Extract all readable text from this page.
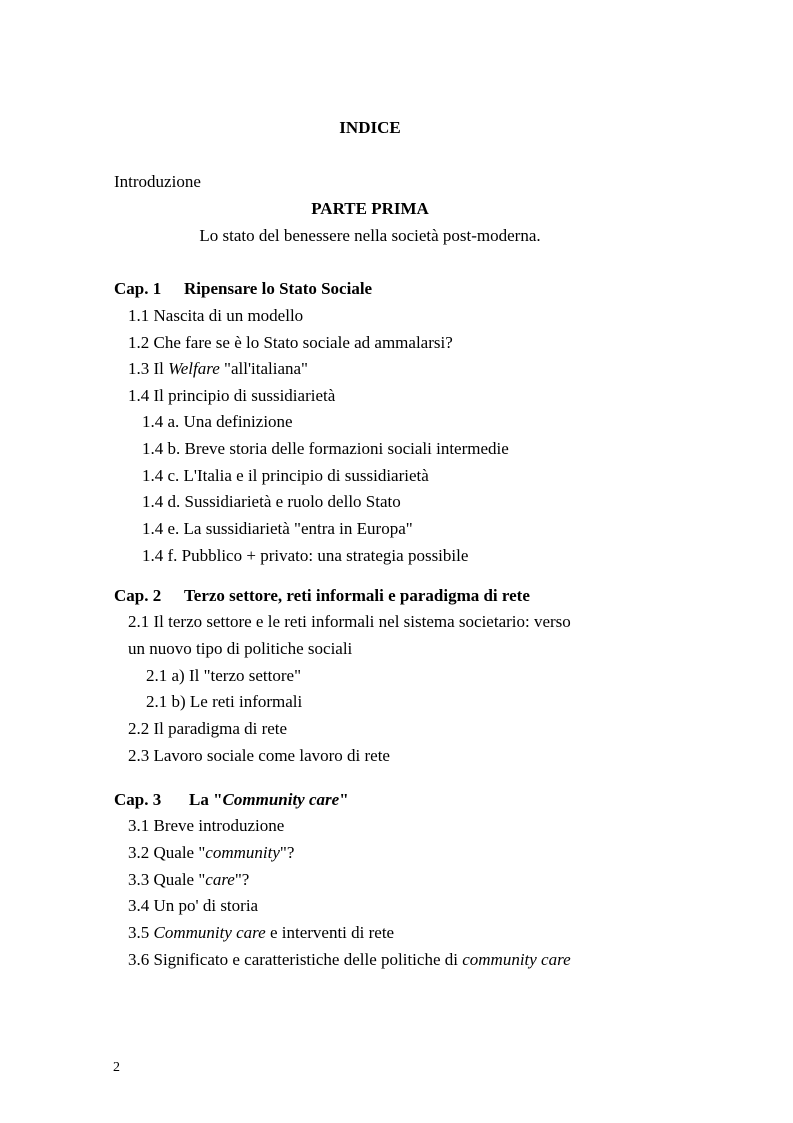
INDICE
Introduzione
PARTE PRIMA
Lo stato del benessere nella società post-moderna.
Cap. 1 Ripensare lo Stato Sociale
1.1 Nascita di un modello
1.2 Che fare se è lo Stato sociale ad ammalarsi?
1.3 Il Welfare "all'italiana"
1.4 Il principio di sussidiarietà
1.4 a. Una definizione
1.4 b. Breve storia delle formazioni sociali intermedie
1.4 c. L'Italia e il principio di sussidiarietà
1.4 d. Sussidiarietà e ruolo dello Stato
1.4 e. La sussidiarietà "entra in Europa"
1.4 f. Pubblico + privato: una strategia possibile
Cap. 2 Terzo settore, reti informali e paradigma di rete
2.1 Il terzo settore e le reti informali nel sistema societario: verso
un nuovo tipo di politiche sociali
2.1 a) Il "terzo settore"
2.1 b) Le reti informali
2.2 Il paradigma di rete
2.3 Lavoro sociale come lavoro di rete
Cap. 3 La "Community care"
3.1 Breve introduzione
3.2 Quale "community"?
3.3 Quale "care"?
3.4 Un po' di storia
3.5 Community care e interventi di rete
3.6 Significato e caratteristiche delle politiche di community care
2
